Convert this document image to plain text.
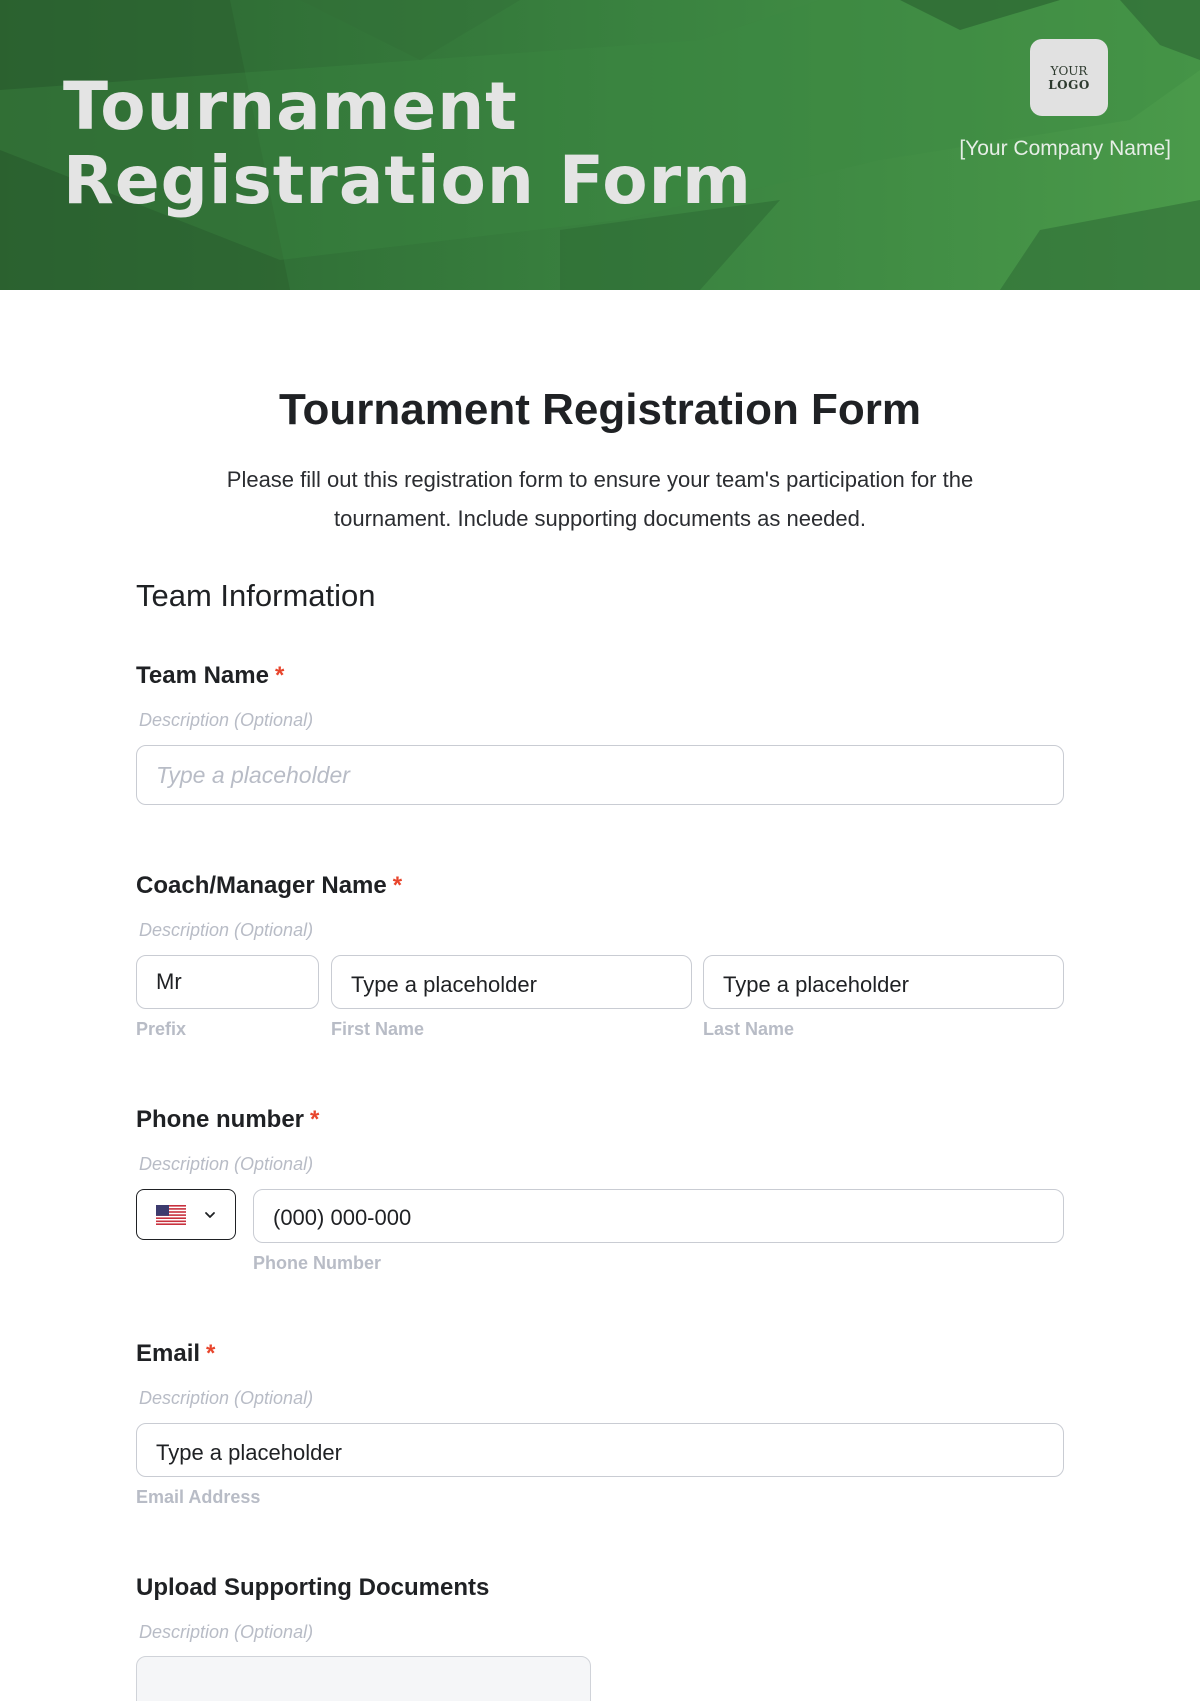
Tournament
Registration Form
YOUR
LOGO
[Your Company Name]
Tournament Registration Form
Please fill out this registration form to ensure your team's participation for the tournament. Include supporting documents as needed.
Team Information
Team Name *
Description (Optional)
Type a placeholder
Coach/Manager Name *
Description (Optional)
Mr	Type a placeholder	Type a placeholder
Prefix	First Name	Last Name
Phone number *
Description (Optional)
(000) 000-000
Phone Number
Email *
Description (Optional)
Type a placeholder
Email Address
Upload Supporting Documents
Description (Optional)
